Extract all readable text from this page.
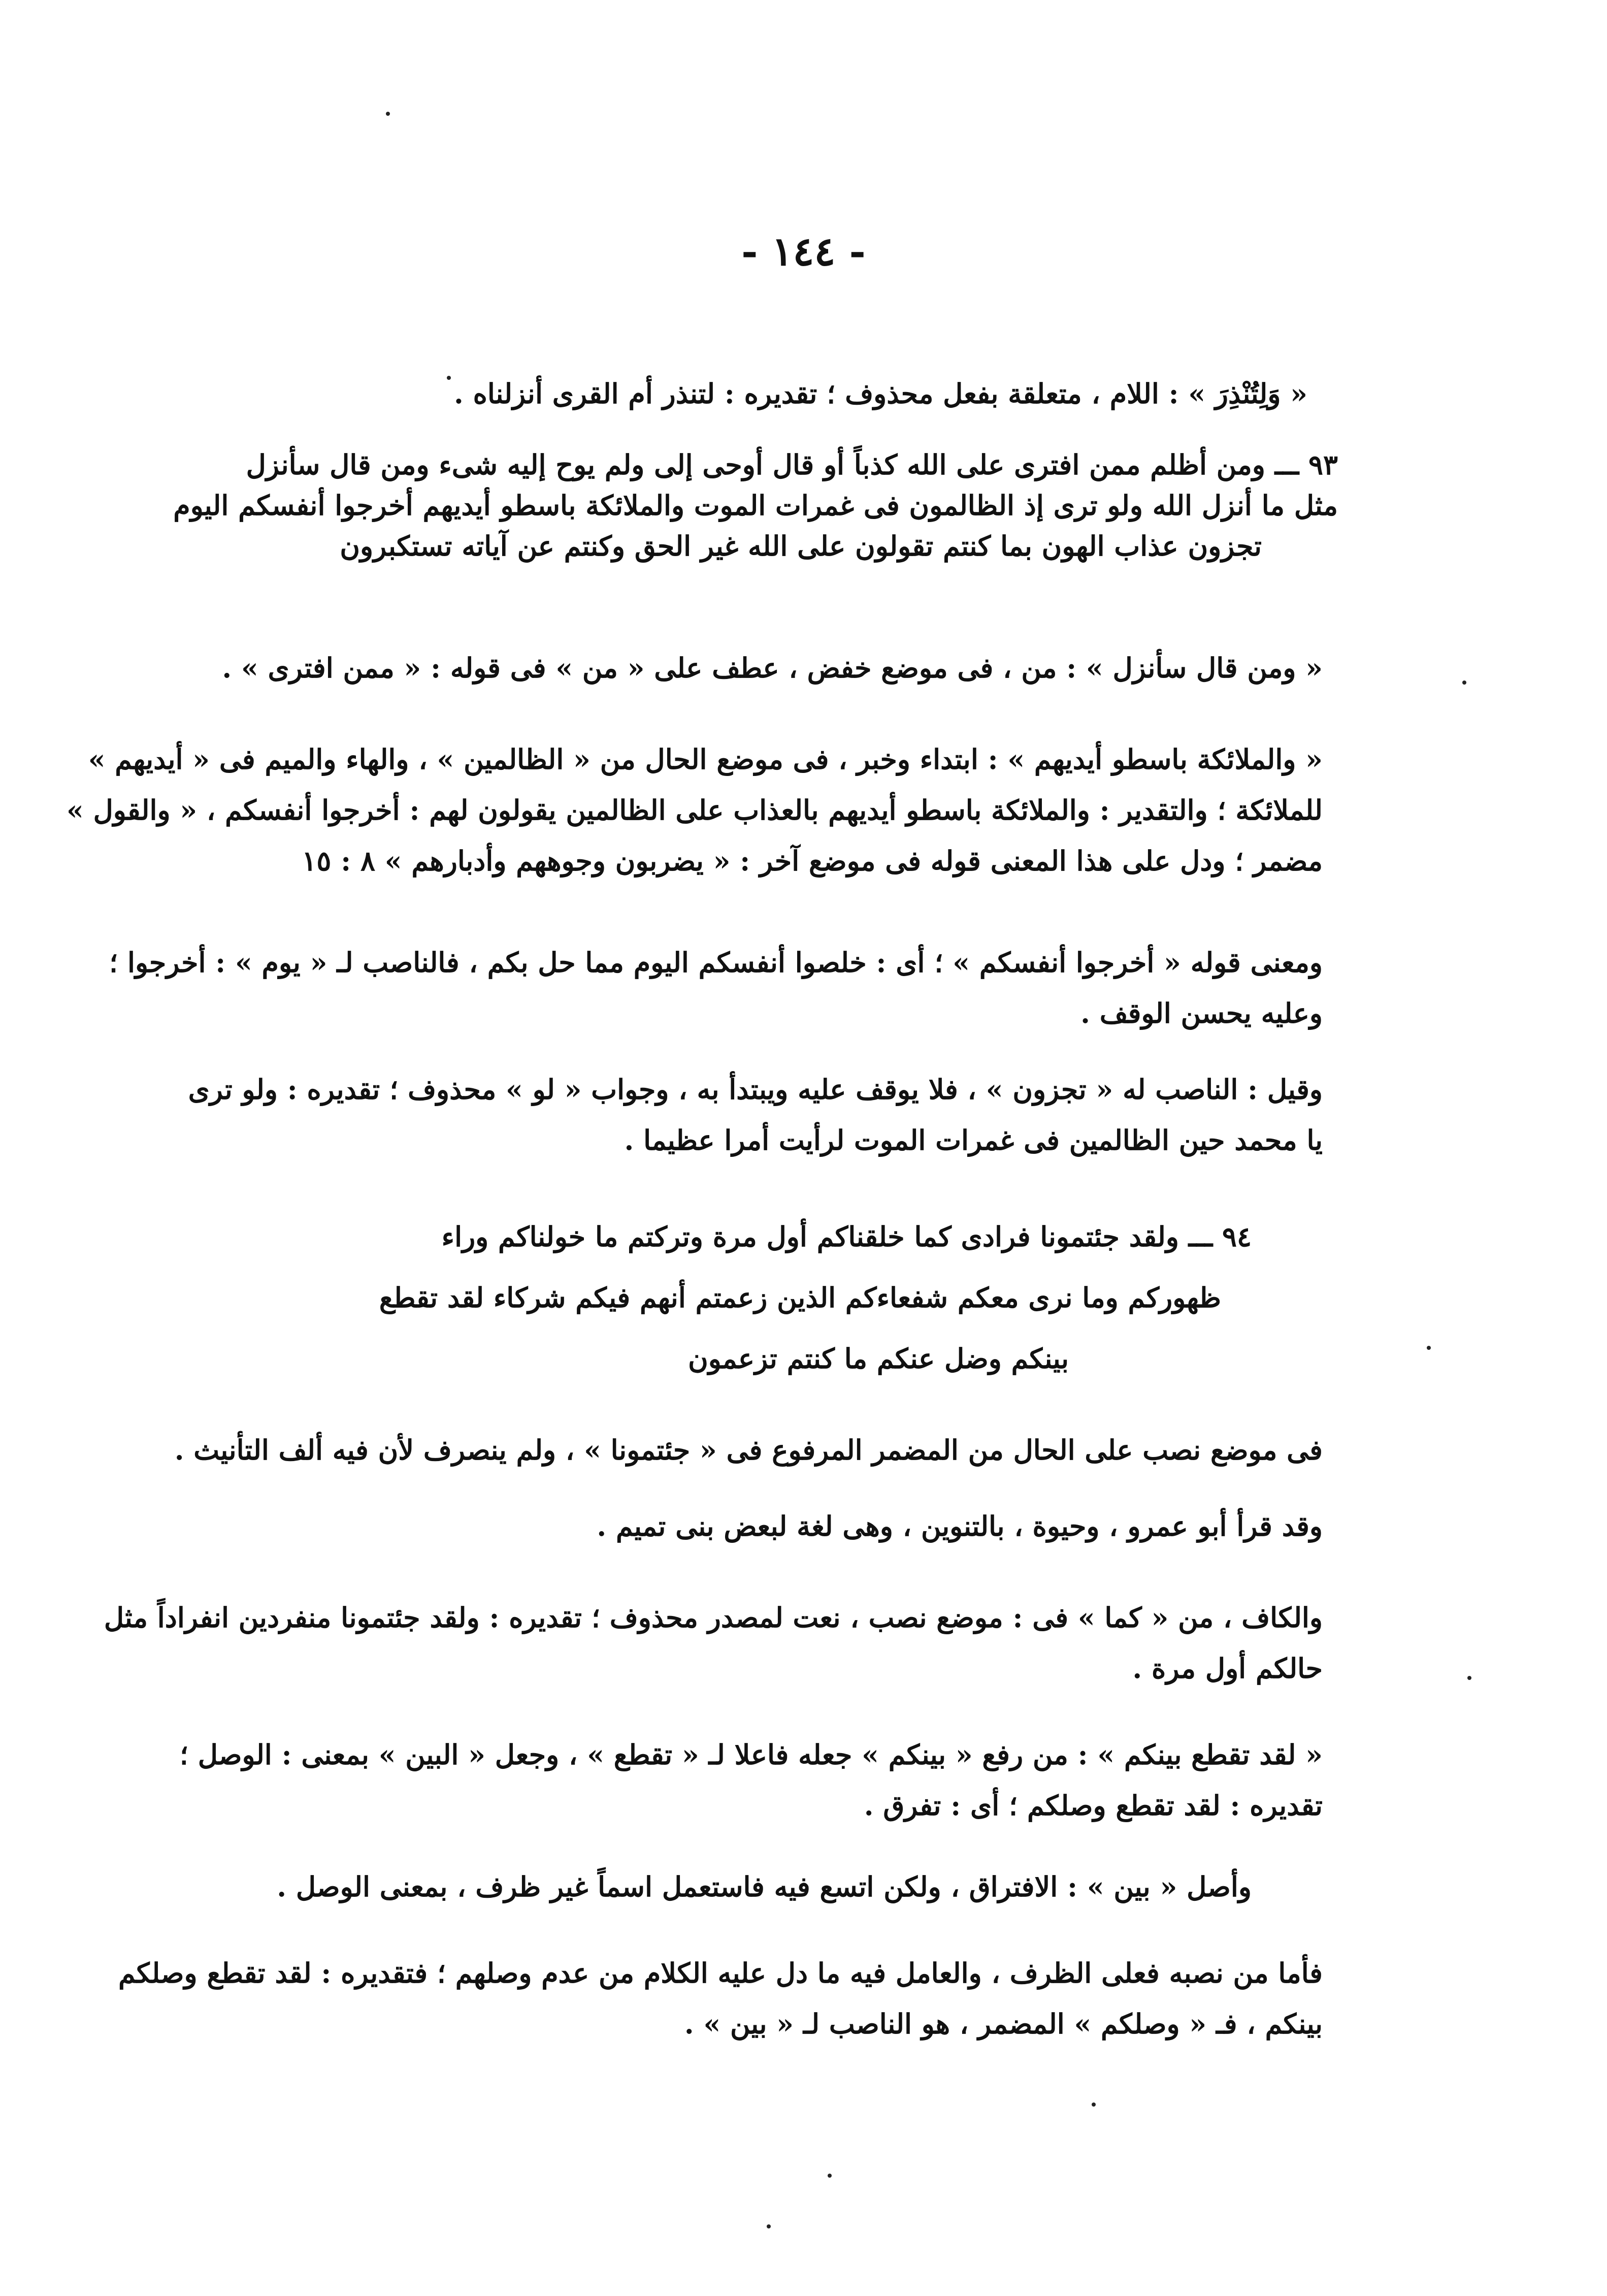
- ١٤٤ -
« وَلِتُنْذِرَ » : اللام ، متعلقة بفعل محذوف ؛ تقديره : لتنذر أم القرى أنزلناه .
٩٣ ـــ ومن أظلم ممن افترى على الله كذباً أو قال أوحى إلى ولم يوح إليه شىء ومن قال سأنزل
مثل ما أنزل الله ولو ترى إذ الظالمون فى غمرات الموت والملائكة باسطو أيديهم أخرجوا أنفسكم اليوم
تجزون عذاب الهون بما كنتم تقولون على الله غير الحق وكنتم عن آياته تستكبرون
« ومن قال سأنزل » : من ، فى موضع خفض ، عطف على « من » فى قوله : « ممن افترى » .
« والملائكة باسطو أيديهم » : ابتداء وخبر ، فى موضع الحال من « الظالمين » ، والهاء والميم فى « أيديهم »
للملائكة ؛ والتقدير : والملائكة باسطو أيديهم بالعذاب على الظالمين يقولون لهم : أخرجوا أنفسكم ، « والقول »
مضمر ؛ ودل على هذا المعنى قوله فى موضع آخر : « يضربون وجوههم وأدبارهم » ٨ : ١٥
ومعنى قوله « أخرجوا أنفسكم » ؛ أى : خلصوا أنفسكم اليوم مما حل بكم ، فالناصب لـ « يوم » : أخرجوا ؛
وعليه يحسن الوقف .
وقيل : الناصب له « تجزون » ، فلا يوقف عليه ويبتدأ به ، وجواب « لو » محذوف ؛ تقديره : ولو ترى
يا محمد حين الظالمين فى غمرات الموت لرأيت أمرا عظيما .
٩٤ ـــ ولقد جئتمونا فرادى كما خلقناكم أول مرة وتركتم ما خولناكم وراء
ظهوركم وما نرى معكم شفعاءكم الذين زعمتم أنهم فيكم شركاء لقد تقطع
بينكم وضل عنكم ما كنتم تزعمون
فى موضع نصب على الحال من المضمر المرفوع فى « جئتمونا » ، ولم ينصرف لأن فيه ألف التأنيث .
وقد قرأ أبو عمرو ، وحيوة ، بالتنوين ، وهى لغة لبعض بنى تميم .
والكاف ، من « كما » فى : موضع نصب ، نعت لمصدر محذوف ؛ تقديره : ولقد جئتمونا منفردين انفراداً مثل
حالكم أول مرة .
« لقد تقطع بينكم » : من رفع « بينكم » جعله فاعلا لـ « تقطع » ، وجعل « البين » بمعنى : الوصل ؛
تقديره : لقد تقطع وصلكم ؛ أى : تفرق .
وأصل « بين » : الافتراق ، ولكن اتسع فيه فاستعمل اسماً غير ظرف ، بمعنى الوصل .
فأما من نصبه فعلى الظرف ، والعامل فيه ما دل عليه الكلام من عدم وصلهم ؛ فتقديره : لقد تقطع وصلكم
بينكم ، فـ « وصلكم » المضمر ، هو الناصب لـ « بين » .
